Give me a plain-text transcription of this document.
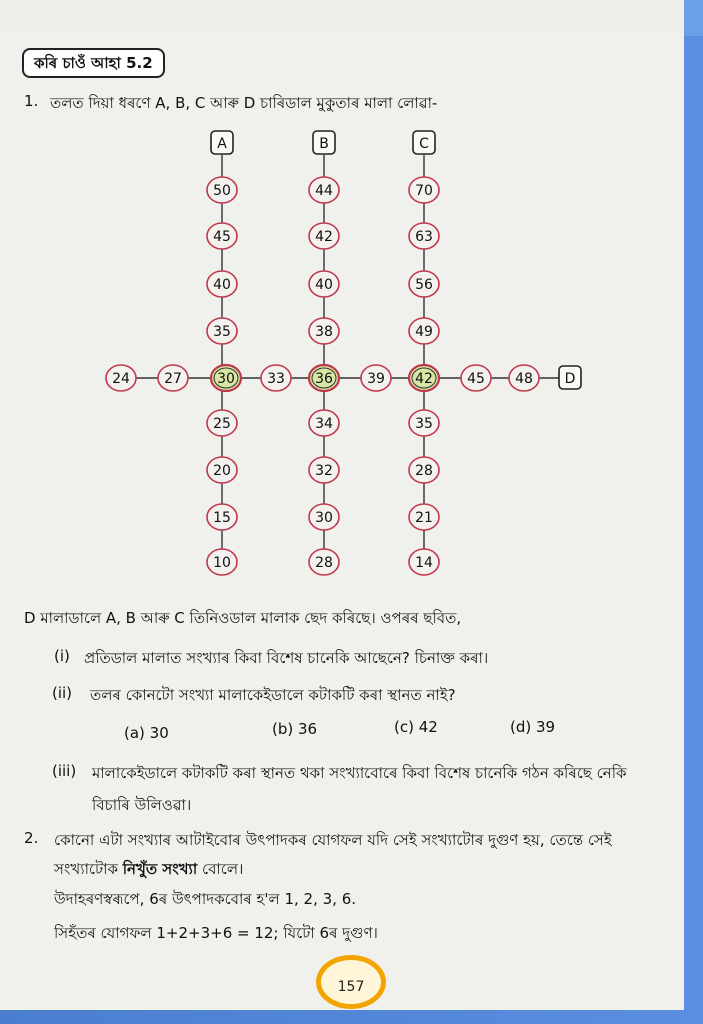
কৰি চাওঁ আহা 5.2
1. তলত দিয়া ধৰণে A, B, C আৰু D চাৰিডাল মুকুতাৰ মালা লোৱা-
A
50
45
40
35
25
20
15
10
B
44
42
40
38
34
32
30
28
C
70
63
56
49
35
28
21
14
24 27	30 33 36 39 42 45 48 D
D মালাডালে A, B আৰু C তিনিওডাল মালাক ছেদ কৰিছে। ওপৰৰ ছবিত,
(i) প্ৰতিডাল মালাত সংখ্যাৰ কিবা বিশেষ চানেকি আছেনে? চিনাক্ত কৰা।
(ii) তলৰ কোনটো সংখ্যা মালাকেইডালে কটাকটি কৰা স্থানত নাই?
(a) 30	(b) 36	(c) 42	(d) 39
(iii) মালাকেইডালে কটাকটি কৰা স্থানত থকা সংখ্যাবোৰে কিবা বিশেষ চানেকি গঠন কৰিছে নেকি
বিচাৰি উলিওৱা।
2. কোনো এটা সংখ্যাৰ আটাইবোৰ উৎপাদকৰ যোগফল যদি সেই সংখ্যাটোৰ দুগুণ হয়, তেন্তে সেই
সংখ্যাটোক নিখুঁত সংখ্যা বোলে।
উদাহৰণস্বৰূপে, 6ৰ উৎপাদকবোৰ হ'ল 1, 2, 3, 6.
সিহঁতৰ যোগফল 1+2+3+6 = 12; যিটো 6ৰ দুগুণ।
157
